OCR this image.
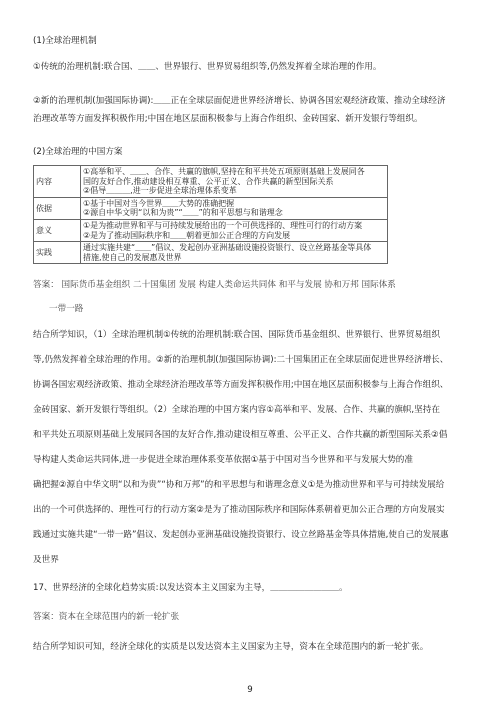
(1)全球治理机制
①传统的治理机制:联合国、＿＿、世界银行、世界贸易组织等,仍然发挥着全球治理的作用。
②新的治理机制(加强国际协调):＿＿正在全球层面促进世界经济增长、协调各国宏观经济政策、推动全球经济
治理改革等方面发挥积极作用;中国在地区层面积极参与上海合作组织、金砖国家、新开发银行等组织。
(2)全球治理的中国方案
内容	①高举和平、＿＿、合作、共赢的旗帜,坚持在和平共处五项原则基础上发展同各
国的友好合作,推动建设相互尊重、公平正义、合作共赢的新型国际关系
②倡导＿＿＿,进一步促进全球治理体系变革

依据	①基于中国对当今世界＿＿大势的准确把握
②源自中华文明“以和为贵”“＿＿”的和平思想与和谐理念

意义	①是为推动世界和平与可持续发展给出的一个可供选择的、理性可行的行动方案
②是为了推动国际秩序和＿＿朝着更加公正合理的方向发展

实践	通过实施共建“＿＿”倡议、发起创办亚洲基础设施投资银行、设立丝路基金等具体
措施,使自己的发展惠及世界
答案： 国际货币基金组织 二十国集团 发展 构建人类命运共同体 和平与发展 协和万邦 国际体系
一带一路
结合所学知识，（1）全球治理机制①传统的治理机制:联合国、国际货币基金组织、世界银行、世界贸易组织
等,仍然发挥着全球治理的作用。②新的治理机制(加强国际协调):二十国集团正在全球层面促进世界经济增长、
协调各国宏观经济政策、推动全球经济治理改革等方面发挥积极作用;中国在地区层面积极参与上海合作组织、
金砖国家、新开发银行等组织。（2）全球治理的中国方案内容①高举和平、发展、合作、共赢的旗帜,坚持在
和平共处五项原则基础上发展同各国的友好合作,推动建设相互尊重、公平正义、合作共赢的新型国际关系②倡
导构建人类命运共同体,进一步促进全球治理体系变革依据①基于中国对当今世界和平与发展大势的准
确把握②源自中华文明“以和为贵”“协和万邦”的和平思想与和谐理念意义①是为推动世界和平与可持续发展给
出的一个可供选择的、理性可行的行动方案②是为了推动国际秩序和国际体系朝着更加公正合理的方向发展实
践通过实施共建“一带一路”倡议、发起创办亚洲基础设施投资银行、设立丝路基金等具体措施,使自己的发展惠
及世界
17、世界经济的全球化趋势实质:以发达资本主义国家为主导，＿＿＿＿＿＿＿＿。
答案：资本在全球范围内的新一轮扩张
结合所学知识可知，经济全球化的实质是以发达资本主义国家为主导，资本在全球范围内的新一轮扩张。
9
